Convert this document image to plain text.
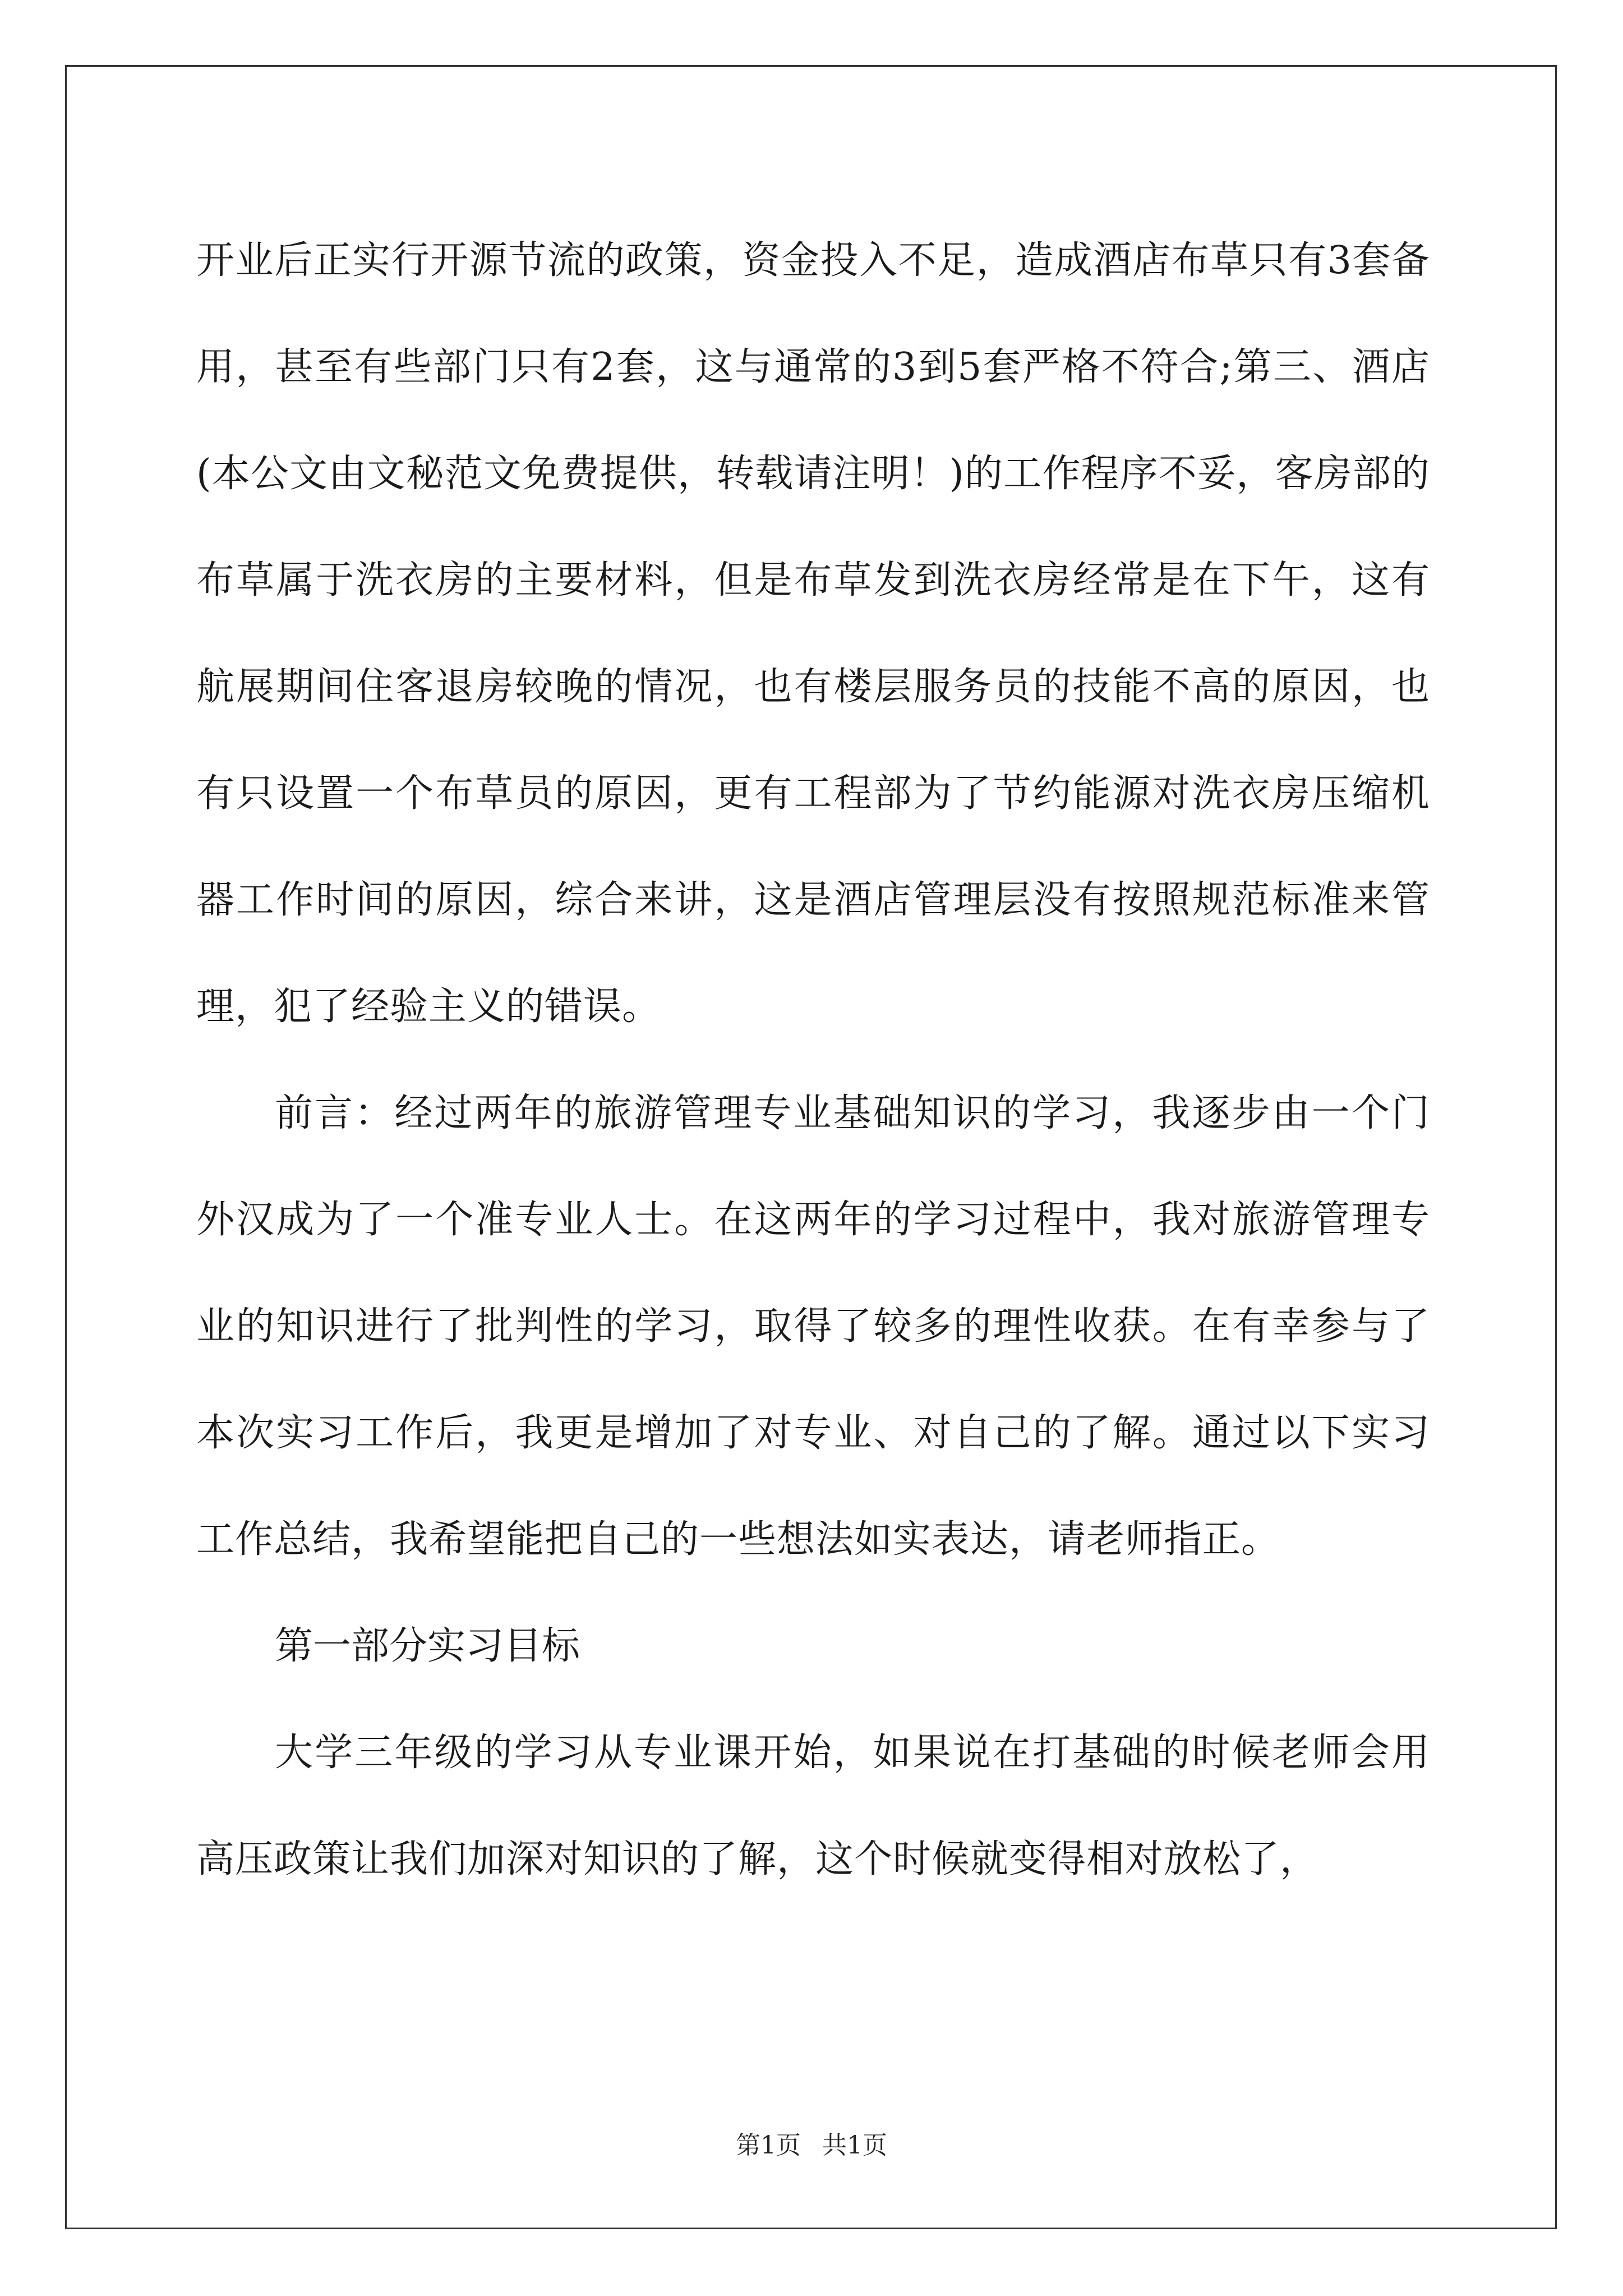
开业后正实行开源节流的政策，资金投入不足，造成酒店布草只有3套备用，甚至有些部门只有2套，这与通常的3到5套严格不符合;第三、酒店(本公文由文秘范文免费提供，转载请注明！)的工作程序不妥，客房部的布草属于洗衣房的主要材料，但是布草发到洗衣房经常是在下午，这有航展期间住客退房较晚的情况，也有楼层服务员的技能不高的原因，也有只设置一个布草员的原因，更有工程部为了节约能源对洗衣房压缩机器工作时间的原因，综合来讲，这是酒店管理层没有按照规范标准来管理，犯了经验主义的错误。

前言：经过两年的旅游管理专业基础知识的学习，我逐步由一个门外汉成为了一个准专业人士。在这两年的学习过程中，我对旅游管理专业的知识进行了批判性的学习，取得了较多的理性收获。在有幸参与了本次实习工作后，我更是增加了对专业、对自己的了解。通过以下实习工作总结，我希望能把自己的一些想法如实表达，请老师指正。

第一部分实习目标

大学三年级的学习从专业课开始，如果说在打基础的时候老师会用高压政策让我们加深对知识的了解，这个时候就变得相对放松了，

第1页 共1页
